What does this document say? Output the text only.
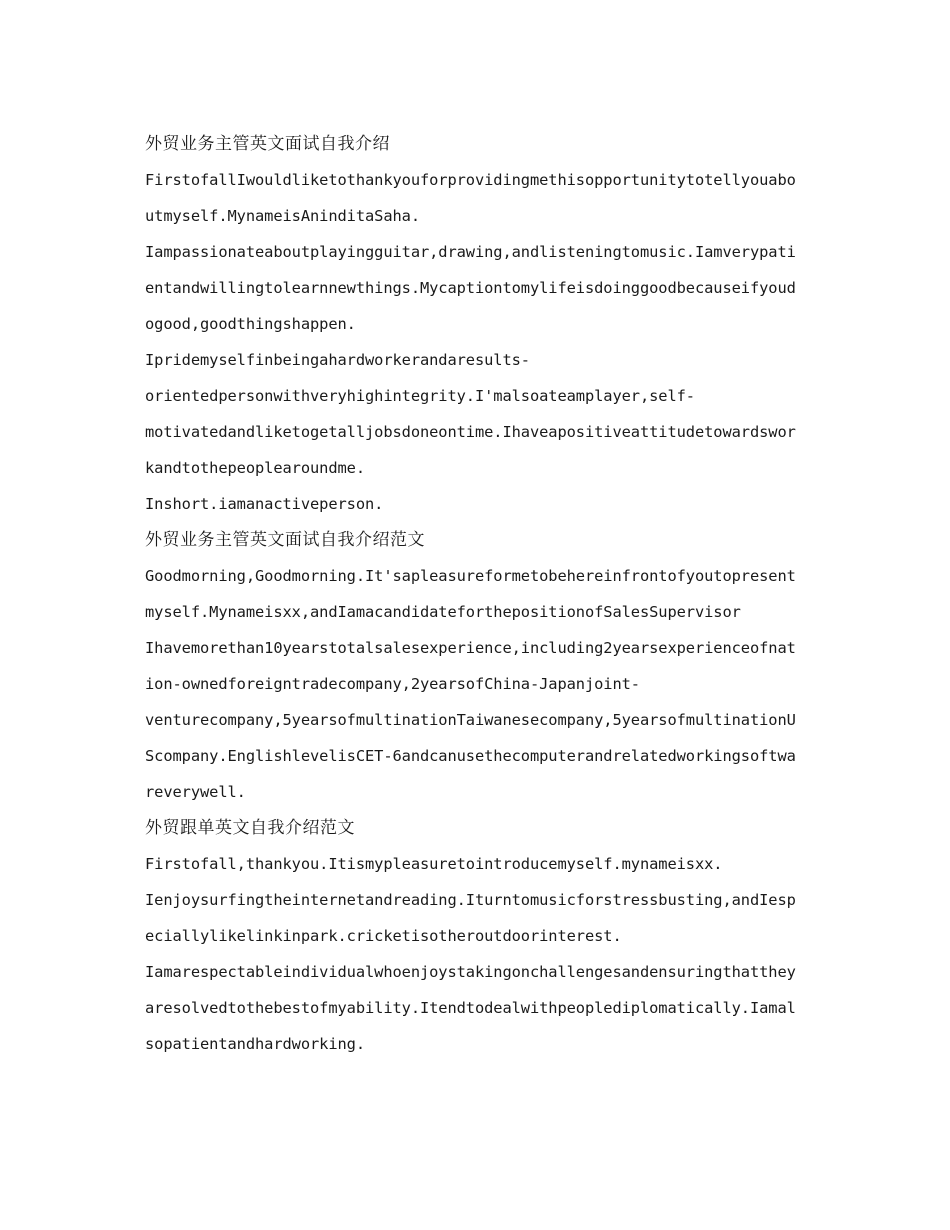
外贸业务主管英文面试自我介绍
FirstofallIwouldliketothankyouforprovidingmethisopportunitytotellyouabo
utmyself.MynameisAninditaSaha.
Iampassionateaboutplayingguitar,drawing,andlisteningtomusic.Iamverypati
entandwillingtolearnnewthings.Mycaptiontomylifeisdoinggoodbecauseifyoud
ogood,goodthingshappen.
Ipridemyselfinbeingahardworkerandaresults-
orientedpersonwithveryhighintegrity.I'malsoateamplayer,self-
motivatedandliketogetalljobsdoneontime.Ihaveapositiveattitudetowardswor
kandtothepeoplearoundme.
Inshort.iamanactiveperson.
外贸业务主管英文面试自我介绍范文
Goodmorning,Goodmorning.It'sapleasureformetobehereinfrontofyoutopresent
myself.Mynameisxx,andIamacandidateforthepositionofSalesSupervisor
Ihavemorethan10yearstotalsalesexperience,including2yearsexperienceofnat
ion-ownedforeigntradecompany,2yearsofChina-Japanjoint-
venturecompany,5yearsofmultinationTaiwanesecompany,5yearsofmultinationU
Scompany.EnglishlevelisCET-6andcanusethecomputerandrelatedworkingsoftwa
reverywell.
外贸跟单英文自我介绍范文
Firstofall,thankyou.Itismypleasuretointroducemyself.mynameisxx.
Ienjoysurfingtheinternetandreading.Iturntomusicforstressbusting,andIesp
eciallylikelinkinpark.cricketisotheroutdoorinterest.
Iamarespectableindividualwhoenjoystakingonchallengesandensuringthatthey
aresolvedtothebestofmyability.Itendtodealwithpeoplediplomatically.Iamal
sopatientandhardworking.
